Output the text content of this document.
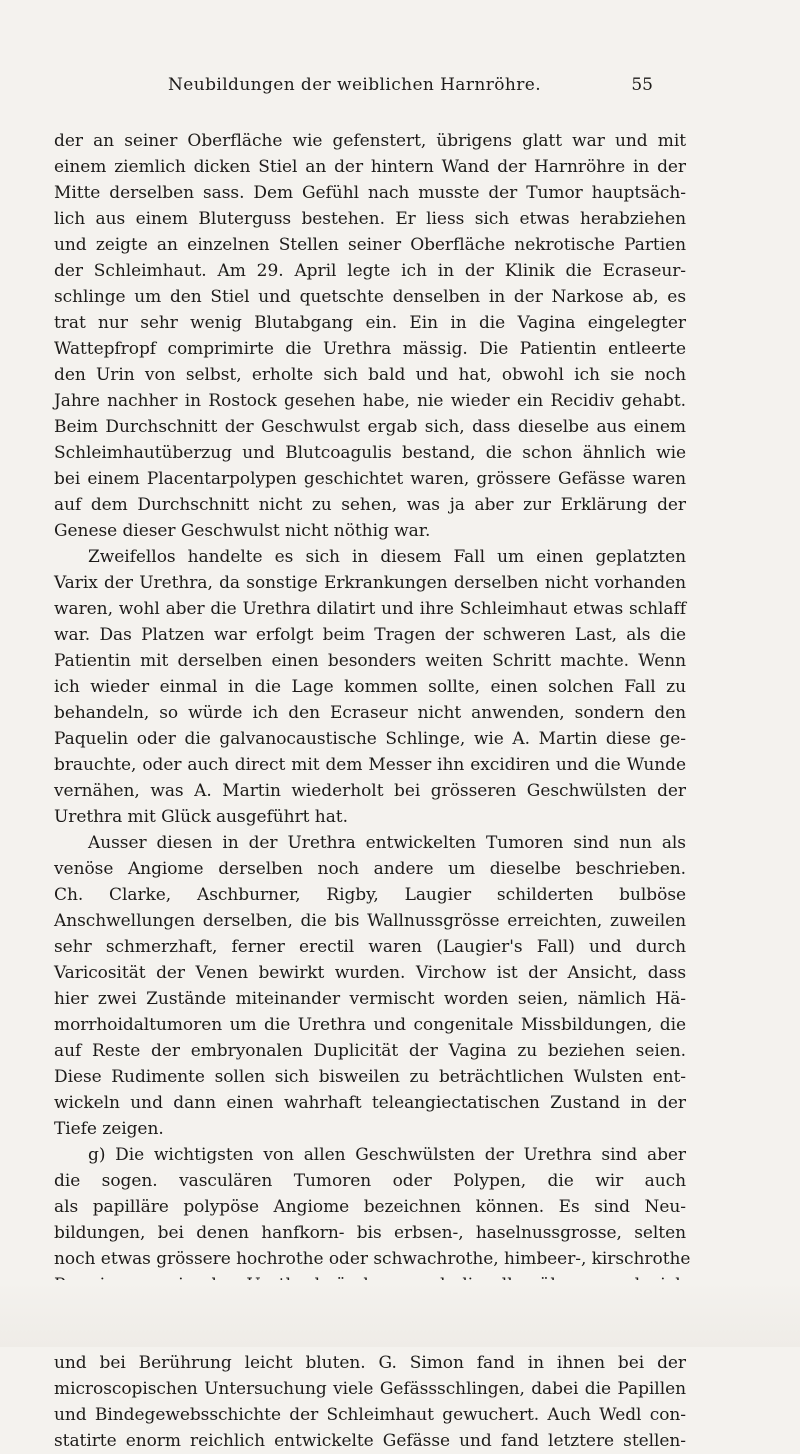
Neubildungen der weiblichen Harnröhre.	55
der an seiner Oberfläche wie gefenstert, übrigens glatt war und mit
einem ziemlich dicken Stiel an der hintern Wand der Harnröhre in der
Mitte derselben sass. Dem Gefühl nach musste der Tumor hauptsäch-
lich aus einem Bluterguss bestehen. Er liess sich etwas herabziehen
und zeigte an einzelnen Stellen seiner Oberfläche nekrotische Partien
der Schleimhaut. Am 29. April legte ich in der Klinik die Ecraseur-
schlinge um den Stiel und quetschte denselben in der Narkose ab, es
trat nur sehr wenig Blutabgang ein. Ein in die Vagina eingelegter
Wattepfropf comprimirte die Urethra mässig. Die Patientin entleerte
den Urin von selbst, erholte sich bald und hat, obwohl ich sie noch
Jahre nachher in Rostock gesehen habe, nie wieder ein Recidiv gehabt.
Beim Durchschnitt der Geschwulst ergab sich, dass dieselbe aus einem
Schleimhautüberzug und Blutcoagulis bestand, die schon ähnlich wie
bei einem Placentarpolypen geschichtet waren, grössere Gefässe waren
auf dem Durchschnitt nicht zu sehen, was ja aber zur Erklärung der
Genese dieser Geschwulst nicht nöthig war.
Zweifellos handelte es sich in diesem Fall um einen geplatzten
Varix der Urethra, da sonstige Erkrankungen derselben nicht vorhanden
waren, wohl aber die Urethra dilatirt und ihre Schleimhaut etwas schlaff
war. Das Platzen war erfolgt beim Tragen der schweren Last, als die
Patientin mit derselben einen besonders weiten Schritt machte. Wenn
ich wieder einmal in die Lage kommen sollte, einen solchen Fall zu
behandeln, so würde ich den Ecraseur nicht anwenden, sondern den
Paquelin oder die galvanocaustische Schlinge, wie A. Martin diese ge-
brauchte, oder auch direct mit dem Messer ihn excidiren und die Wunde
vernähen, was A. Martin wiederholt bei grösseren Geschwülsten der
Urethra mit Glück ausgeführt hat.
Ausser diesen in der Urethra entwickelten Tumoren sind nun als
venöse Angiome derselben noch andere um dieselbe beschrieben.
Ch. Clarke, Aschburner, Rigby, Laugier schilderten bulböse
Anschwellungen derselben, die bis Wallnussgrösse erreichten, zuweilen
sehr schmerzhaft, ferner erectil waren (Laugier's Fall) und durch
Varicosität der Venen bewirkt wurden. Virchow ist der Ansicht, dass
hier zwei Zustände miteinander vermischt worden seien, nämlich Hä-
morrhoidaltumoren um die Urethra und congenitale Missbildungen, die
auf Reste der embryonalen Duplicität der Vagina zu beziehen seien.
Diese Rudimente sollen sich bisweilen zu beträchtlichen Wulsten ent-
wickeln und dann einen wahrhaft teleangiectatischen Zustand in der
Tiefe zeigen.
g) Die wichtigsten von allen Geschwülsten der Urethra sind aber
die sogen. vasculären Tumoren oder Polypen, die wir auch
als papilläre polypöse Angiome bezeichnen können. Es sind Neu-
bildungen, bei denen hanfkorn- bis erbsen-, haselnussgrosse, selten
noch etwas grössere hochrothe oder schwachrothe, himbeer-, kirschrothe
und bei Berührung leicht bluten. G. Simon fand in ihnen bei der
microscopischen Untersuchung viele Gefässschlingen, dabei die Papillen
und Bindegewebsschichte der Schleimhaut gewuchert. Auch Wedl con-
statirte enorm reichlich entwickelte Gefässe und fand letztere stellen-
